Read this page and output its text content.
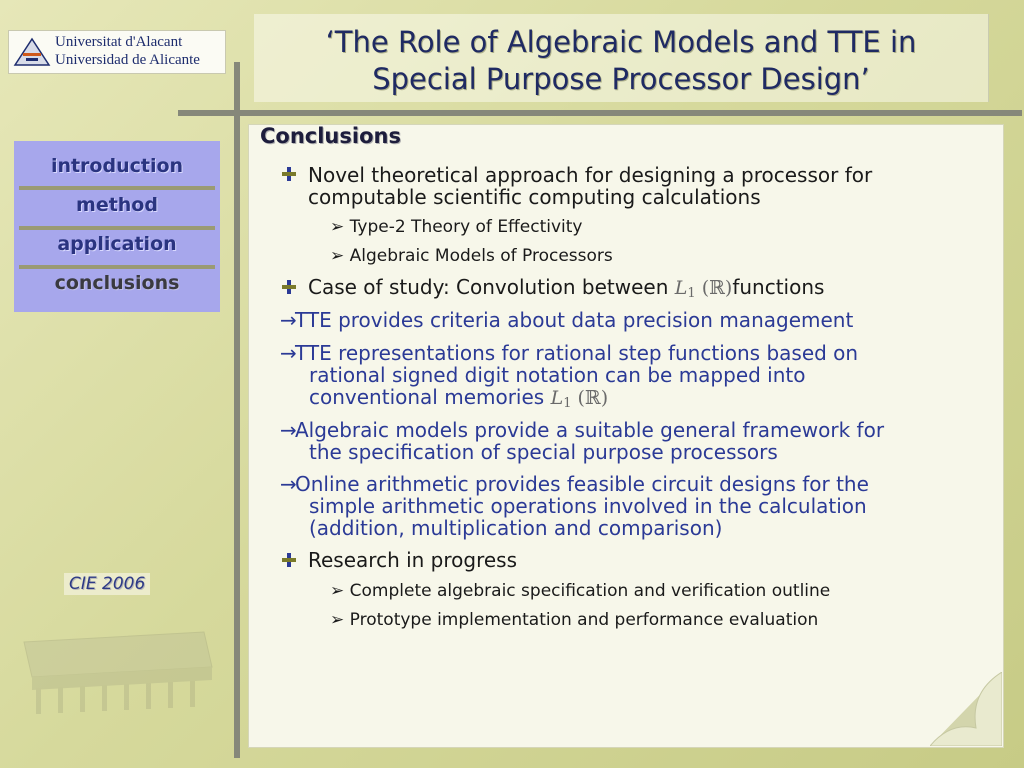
Universitat d'Alacant
Universidad de Alicante
‘The Role of Algebraic Models and TTE in
Special Purpose Processor Design’
introduction
method
application
conclusions
CIE 2006
Conclusions
Novel theoretical approach for designing a processor for
computable scientific computing calculations
➢ Type-2 Theory of Effectivity
➢ Algebraic Models of Processors
Case of study: Convolution between $L_1$ (ℝ)functions
→TTE provides criteria about data precision management
→TTE representations for rational step functions based on
rational signed digit notation can be mapped into
conventional memories $L_1$ (ℝ)
→Algebraic models provide a suitable general framework for
the specification of special purpose processors
→Online arithmetic provides feasible circuit designs for the
simple arithmetic operations involved in the calculation
(addition, multiplication and comparison)
Research in progress
➢ Complete algebraic specification and verification outline
➢ Prototype implementation and performance evaluation
